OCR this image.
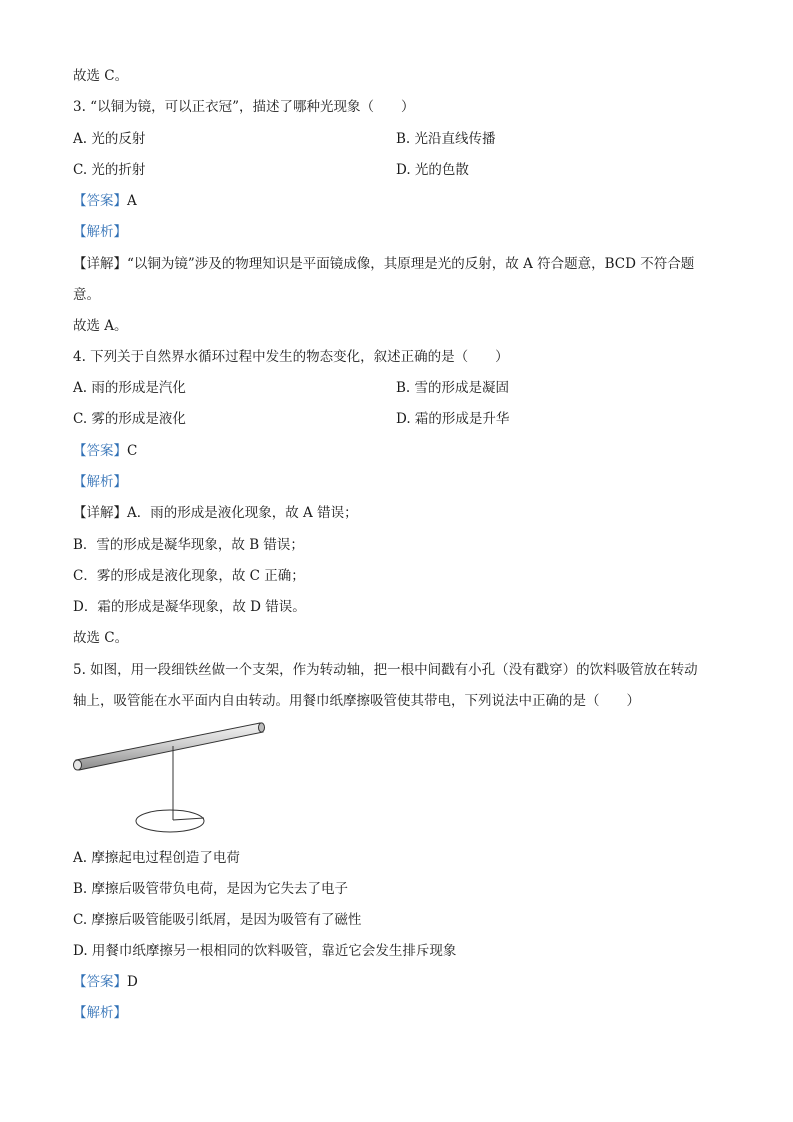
故选 C。
3. “以铜为镜，可以正衣冠”，描述了哪种光现象（　　）
A. 光的反射	B. 光沿直线传播
C. 光的折射	D. 光的色散
【答案】A
【解析】
【详解】“以铜为镜”涉及的物理知识是平面镜成像，其原理是光的反射，故 A 符合题意，BCD 不符合题
意。
故选 A。
4. 下列关于自然界水循环过程中发生的物态变化，叙述正确的是（　　）
A. 雨的形成是汽化	B. 雪的形成是凝固
C. 雾的形成是液化	D. 霜的形成是升华
【答案】C
【解析】
【详解】A．雨的形成是液化现象，故 A 错误；
B．雪的形成是凝华现象，故 B 错误；
C．雾的形成是液化现象，故 C 正确；
D．霜的形成是凝华现象，故 D 错误。
故选 C。
5. 如图，用一段细铁丝做一个支架，作为转动轴，把一根中间戳有小孔（没有戳穿）的饮料吸管放在转动
轴上，吸管能在水平面内自由转动。用餐巾纸摩擦吸管使其带电，下列说法中正确的是（　　）
A. 摩擦起电过程创造了电荷
B. 摩擦后吸管带负电荷，是因为它失去了电子
C. 摩擦后吸管能吸引纸屑，是因为吸管有了磁性
D. 用餐巾纸摩擦另一根相同的饮料吸管，靠近它会发生排斥现象
【答案】D
【解析】
